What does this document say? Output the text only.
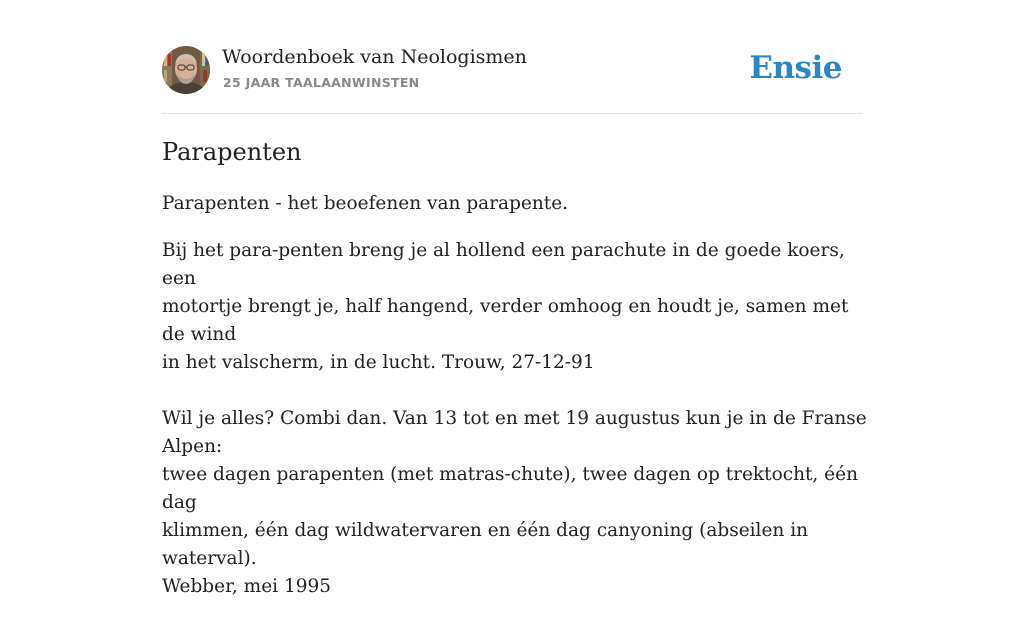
Woordenboek van Neologismen
25 JAAR TAALAANWINSTEN	Ensie
Parapenten

Parapenten - het beoefenen van parapente.

Bij het para-penten breng je al hollend een parachute in de goede koers, een
motortje brengt je, half hangend, verder omhoog en houdt je, samen met de wind
in het valscherm, in de lucht. Trouw, 27-12-91

Wil je alles? Combi dan. Van 13 tot en met 19 augustus kun je in de Franse Alpen:
twee dagen parapenten (met matras-chute), twee dagen op trektocht, één dag
klimmen, één dag wildwatervaren en één dag canyoning (abseilen in waterval).
Webber, mei 1995
